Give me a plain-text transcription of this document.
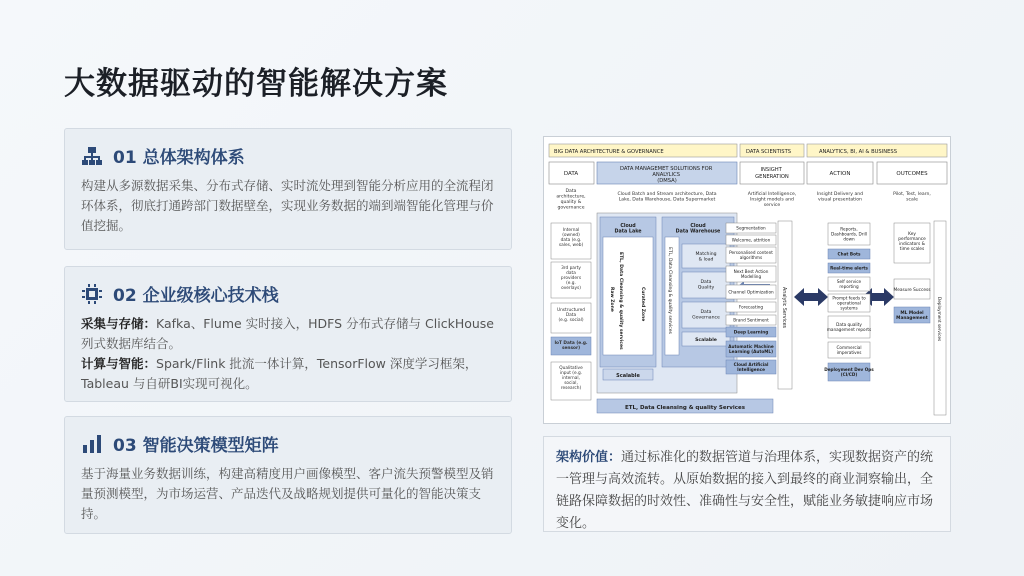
大数据驱动的智能解决方案
01 总体架构体系

构建从多源数据采集、分布式存储、实时流处理到智能分析应用的全流程闭环体系，彻底打通跨部门数据壁垒，实现业务数据的端到端智能化管理与价值挖掘。

02 企业级核心技术栈

采集与存储：Kafka、Flume 实时接入，HDFS 分布式存储与 ClickHouse 列式数据库结合。
计算与智能：Spark/Flink 批流一体计算，TensorFlow 深度学习框架，Tableau 与自研BI实现可视化。

03 智能决策模型矩阵

基于海量业务数据训练，构建高精度用户画像模型、客户流失预警模型及销量预测模型，为市场运营、产品迭代及战略规划提供可量化的智能决策支持。

BIG DATA ARCHITECTURE & GOVERNANCE	DATA SCIENTISTS	ANALYTICS, BI, AI & BUSINESS
DATA
DATA MANAGEMET SOLUTIONS FOR ANALYLICS (DMSA)
INSIGHT GENERATION	ACTION	OUTCOMES
Data architecture, quality & governance
Cloud Batch and Stream architecture, Data Lake, Data Warehouse, Data Supermarket
Artificial Intelligence, Insight models and service
Insight Delivery and visual presentation
Pilot, Test, learn, scale
Internal (owned) data (e.g. sales, web)
3rd party data providers (e.g. overlays)
Unstructured Data (e.g. social)
IoT Data (e.g. sensor)
Qualitative input (e.g. internal, social, research)
Cloud Data Lake
ETL, Data Cleansing & quality services
Raw Zone	Curated Zone
Scalable
Cloud Data Warehouse
ETL, Data Cleansing & quality services	Matching & load
Data Quality
Data Governance
Scalable
ETL, Data Cleansing & quality Services
Segmentation
Welcome, attrition
Personalised content algorithms
Next Best Action Modelling
Channel Optimization
Forecasting
Brand Sentiment
Deep Learning
Automatic Machine Learning (AutoML)
Cloud Artificial Intelligence
Analytic Services
Reports, Dashboards, Drill down
Chat Bots
Real-time alerts
Self service reporting
Prompt feeds to operational systems
Data quality management reports
Commercial imperatives
Deployment Dev Ops (CI/CD)
Key performance indicators & time scales
Measure Success
ML Model Management Deployment services
架构价值：通过标准化的数据管道与治理体系，实现数据资产的统一管理与高效流转。从原始数据的接入到最终的商业洞察输出，全链路保障数据的时效性、准确性与安全性，赋能业务敏捷响应市场变化。
